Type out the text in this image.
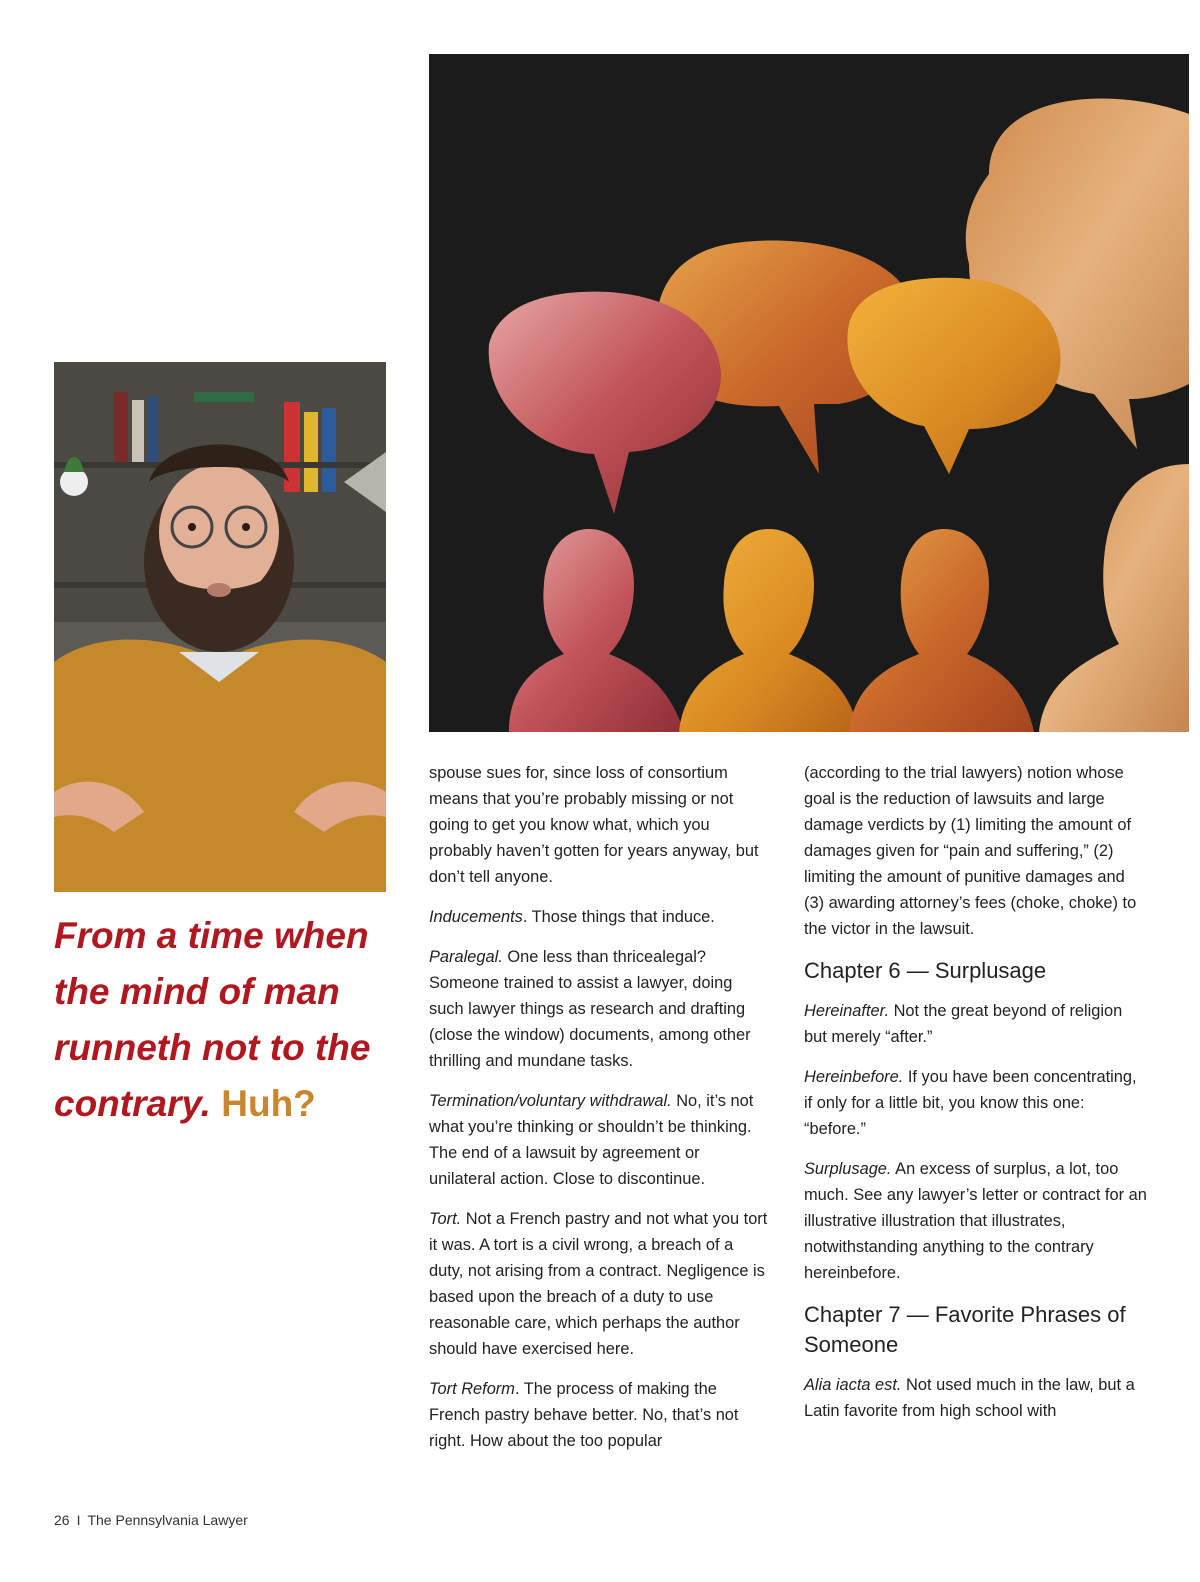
From a time when the mind of man runneth not to the contrary. Huh?

spouse sues for, since loss of consortium means that you’re probably missing or not going to get you know what, which you probably haven’t gotten for years anyway, but don’t tell anyone.

Inducements. Those things that induce.

Paralegal. One less than thricealegal? Someone trained to assist a lawyer, doing such lawyer things as research and drafting (close the window) documents, among other thrilling and mundane tasks.

Termination/voluntary withdrawal. No, it’s not what you’re thinking or shouldn’t be thinking. The end of a lawsuit by agreement or unilateral action. Close to discontinue.

Tort. Not a French pastry and not what you tort it was. A tort is a civil wrong, a breach of a duty, not arising from a contract. Negligence is based upon the breach of a duty to use reasonable care, which perhaps the author should have exercised here.

Tort Reform. The process of making the French pastry behave better. No, that’s not right. How about the too popular

(according to the trial lawyers) notion whose goal is the reduction of lawsuits and large damage verdicts by (1) limiting the amount of damages given for “pain and suffering,” (2) limiting the amount of punitive damages and (3) awarding attorney’s fees (choke, choke) to the victor in the lawsuit.

Chapter 6 — Surplusage

Hereinafter. Not the great beyond of religion but merely “after.”

Hereinbefore. If you have been concentrating, if only for a little bit, you know this one: “before.”

Surplusage. An excess of surplus, a lot, too much. See any lawyer’s letter or contract for an illustrative illustration that illustrates, notwithstanding anything to the contrary hereinbefore.

Chapter 7 — Favorite Phrases of Someone

Alia iacta est. Not used much in the law, but a Latin favorite from high school with

26 I The Pennsylvania Lawyer
